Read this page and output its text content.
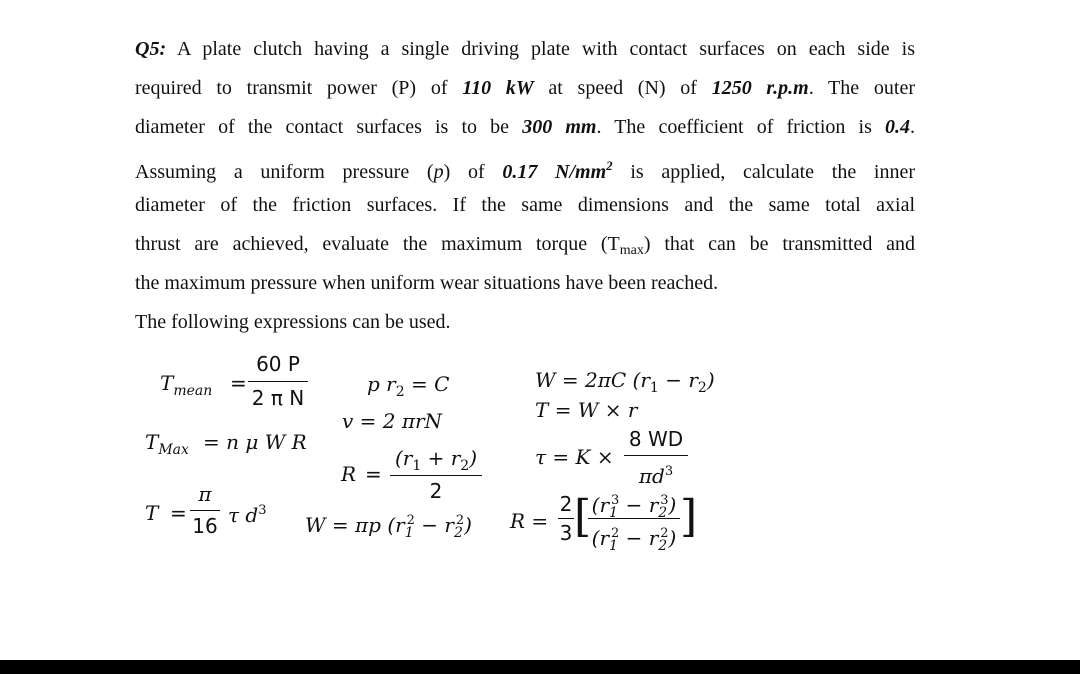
Q5: A plate clutch having a single driving plate with contact surfaces on each side is
required to transmit power (P) of 110 kW at speed (N) of 1250 r.p.m. The outer
diameter of the contact surfaces is to be 300 mm. The coefficient of friction is 0.4.
Assuming a uniform pressure (p) of 0.17 $N/mm^2$ is applied, calculate the inner
diameter of the friction surfaces. If the same dimensions and the same total axial
thrust are achieved, evaluate the maximum torque $(T_{max})$ that can be transmitted and
the maximum pressure when uniform wear situations have been reached.
The following expressions can be used.
$T_{mean}$ =
60 P
2 π N
$T_{Max} = n$ μ W R
T =
π
16 τ $d^3$
p $r_2 = C$
v = 2 πrN
R =
$(r_1 + r_2)$
2
W = πp $(r_1^2 - r_2^2)$
W = 2πC $(r_1 - r_2)$
T = W × r
τ = K ×
8 WD
$\pi d^3$
R =
2
3 [ $(r_1^3 - r_2^3)$
$(r_1^2 - r_2^2)$ ]
